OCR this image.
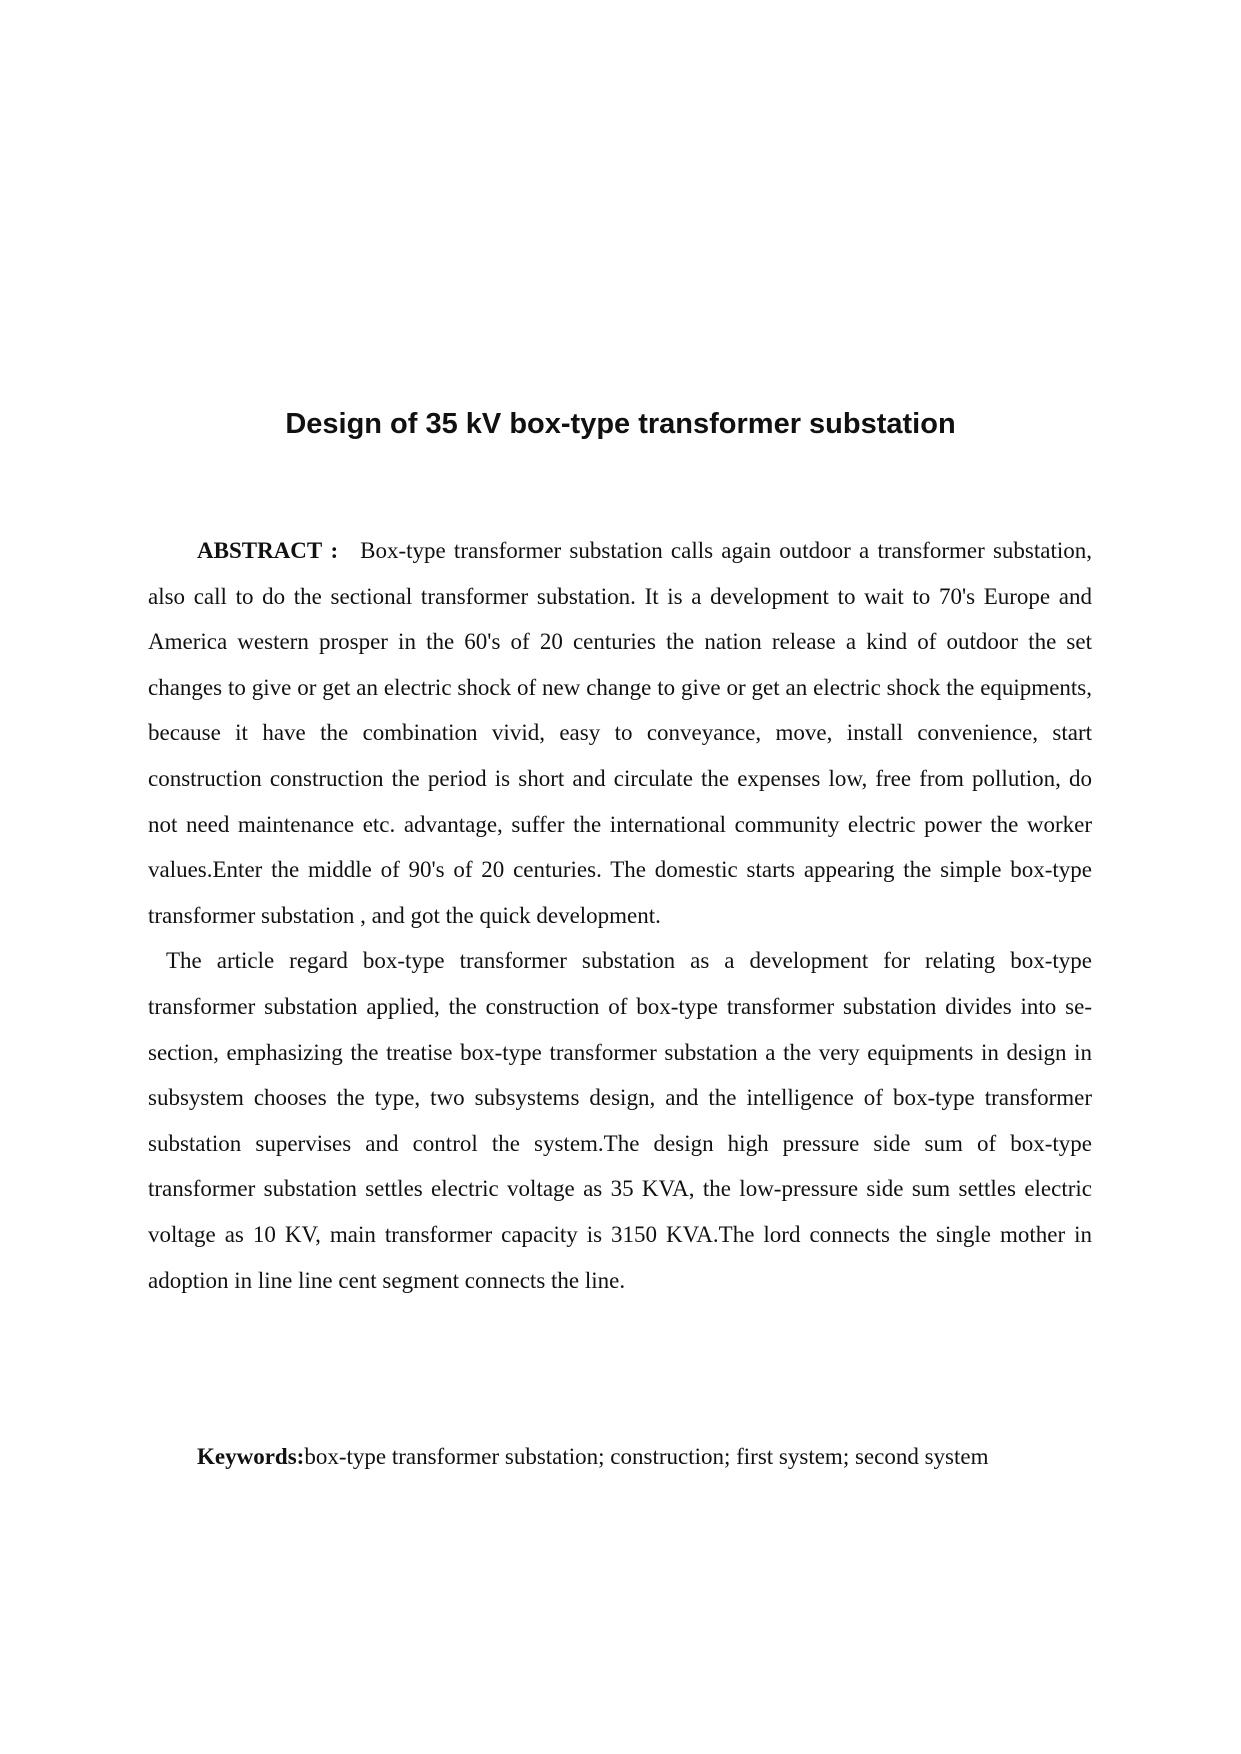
Design of 35 kV box-type transformer substation

ABSTRACT : Box-type transformer substation calls again outdoor a transformer substation, also call to do the sectional transformer substation. It is a development to wait to 70's Europe and America western prosper in the 60's of 20 centuries the nation release a kind of outdoor the set changes to give or get an electric shock of new change to give or get an electric shock the equipments, because it have the combination vivid, easy to conveyance, move, install convenience, start construction construction the period is short and circulate the expenses low, free from pollution, do not need maintenance etc. advantage, suffer the international community electric power the worker values.Enter the middle of 90's of 20 centuries. The domestic starts appearing the simple box-type transformer substation , and got the quick development.

The article regard box-type transformer substation as a development for relating box-type transformer substation applied, the construction of box-type transformer substation divides into se-section, emphasizing the treatise box-type transformer substation a the very equipments in design in subsystem chooses the type, two subsystems design, and the intelligence of box-type transformer substation supervises and control the system.The design high pressure side sum of box-type transformer substation settles electric voltage as 35 KVA, the low-pressure side sum settles electric voltage as 10 KV, main transformer capacity is 3150 KVA.The lord connects the single mother in adoption in line line cent segment connects the line.

Keywords:box-type transformer substation; construction; first system; second system
